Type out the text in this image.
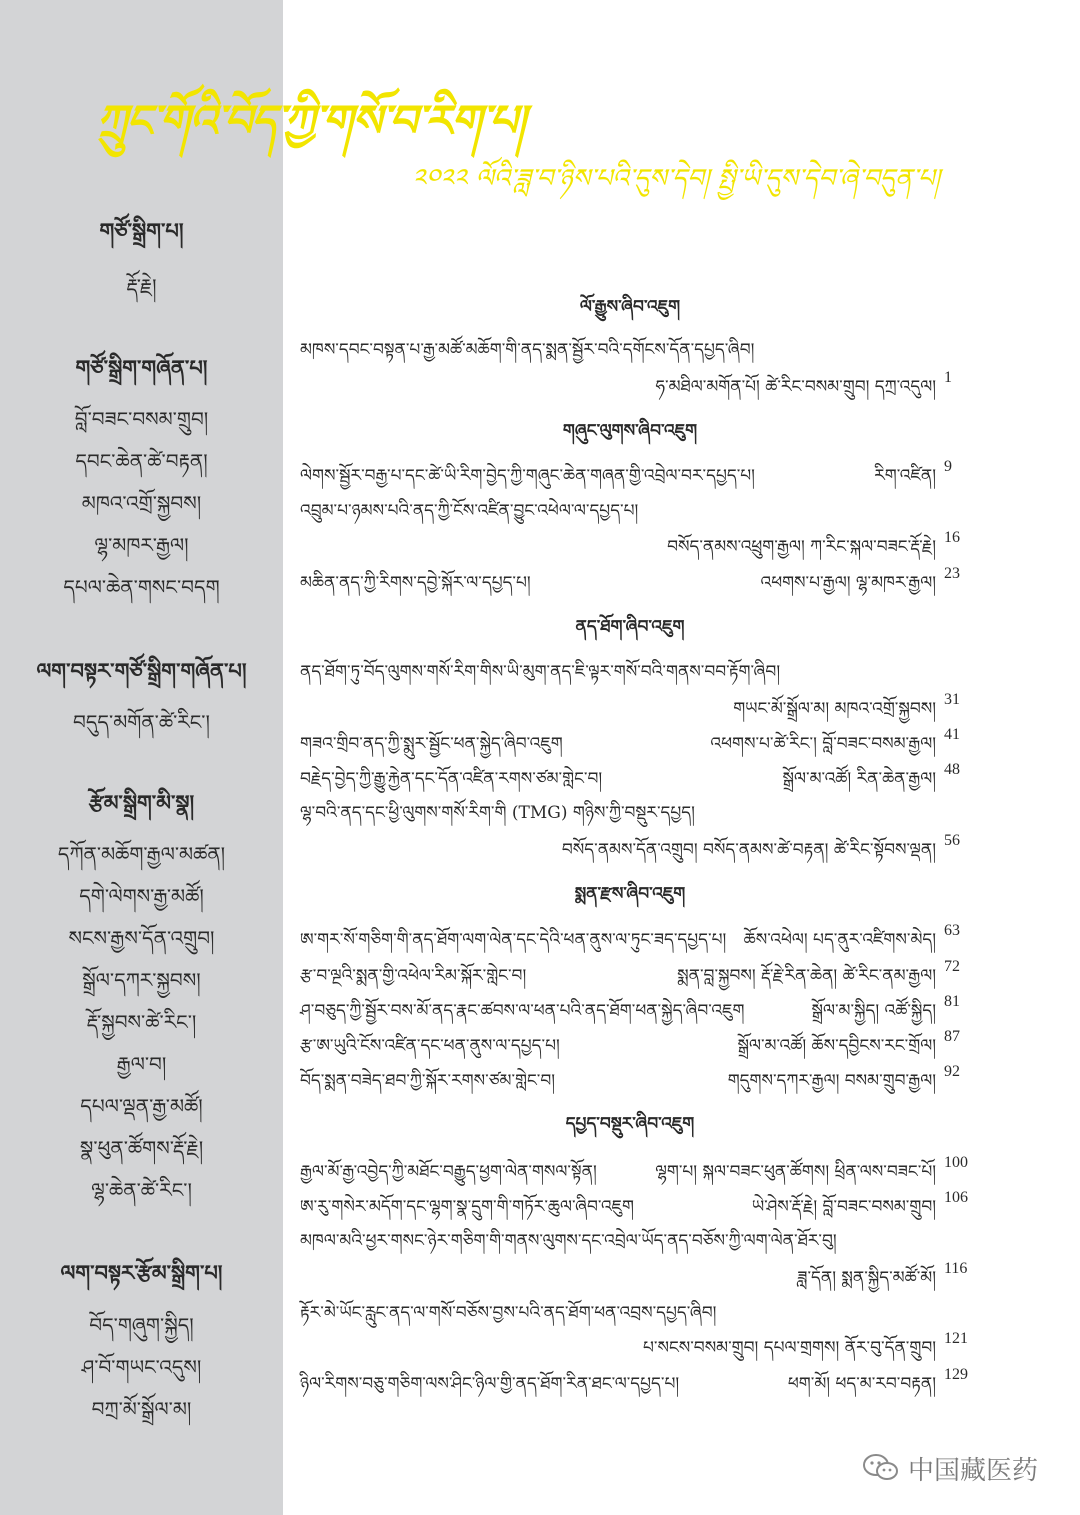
གཙོ་སྒྲིག་པ།
རྡོ་རྗེ།
གཙོ་སྒྲིག་གཞོན་པ།
བློ་བཟང་བསམ་གྲུབ།
དབང་ཆེན་ཚེ་བརྟན།
མཁའ་འགྲོ་སྐྱབས།
ལྷ་མཁར་རྒྱལ།
དཔལ་ཆེན་གསང་བདག
ལག་བསྟར་གཙོ་སྒྲིག་གཞོན་པ།
བདུད་མགོན་ཚེ་རིང་།
རྩོམ་སྒྲིག་མི་སྣ།
དཀོན་མཆོག་རྒྱལ་མཚན།
དགེ་ལེགས་རྒྱ་མཚོ།
སངས་རྒྱས་དོན་འགྲུབ།
སྒྲོལ་དཀར་སྐྱབས།
རྡོ་སྐྱབས་ཚེ་རིང་།
རྒྱལ་བ།
དཔལ་ལྡན་རྒྱ་མཚོ།
སྣ་ཕུན་ཚོགས་རྡོ་རྗེ།
ལྷ་ཆེན་ཚེ་རིང་།
ལག་བསྟར་རྩོམ་སྒྲིག་པ།
བོད་གཞུག་སྐྱིད།
ཤ་བོ་གཡང་འདུས།
བཀྲ་མོ་སྒྲོལ་མ།
ཀྲུང་གོའི་བོད་ཀྱི་གསོ་བ་རིག་པ།
༢༠༢༢ ལོའི་ཟླ་བ་ཉིས་པའི་དུས་དེབ། སྤྱི་ཡི་དུས་དེབ་ཞེ་བདུན་པ།
ལོ་རྒྱུས་ཞིབ་འཇུག
མཁས་དབང་བསྟན་པ་རྒྱ་མཚོ་མཆོག་གི་ནད་སྨན་སྦྱོར་བའི་དགོངས་དོན་དཔྱད་ཞིབ།
ཧ་མཐིལ་མགོན་པོ། ཚེ་རིང་བསམ་གྲུབ། དཀྲ་འདུལ། 1
གཞུང་ལུགས་ཞིབ་འཇུག
ལེགས་སྦྱོར་བརྒྱ་པ་དང་ཚེ་ཡི་རིག་བྱེད་ཀྱི་གཞུང་ཆེན་གཞན་གྱི་འབྲེལ་བར་དཔྱད་པ།	རིག་འཛིན། 9
འབྲུམ་པ་ཉམས་པའི་ནད་ཀྱི་ངོས་འཛིན་བྱུང་འཕེལ་ལ་དཔྱད་པ།
བསོད་ནམས་འཕྲུག་རྒྱལ། ཀ་རིང་སྐལ་བཟང་རྡོ་རྗེ། 16
མཆིན་ནད་ཀྱི་རིགས་དབྱེ་སྐོར་ལ་དཔྱད་པ།	འཕགས་པ་རྒྱལ། ལྷ་མཁར་རྒྱལ། 23
ནད་ཐོག་ཞིབ་འཇུག
ནད་ཐོག་ཏུ་བོད་ལུགས་གསོ་རིག་གིས་ཡི་མུག་ནད་ཇི་ལྟར་གསོ་བའི་གནས་བབ་རྟོག་ཞིབ།
གཡང་མོ་སྒྲོལ་མ། མཁའ་འགྲོ་སྐྱབས། 31
གཟའ་གྲིབ་ནད་ཀྱི་སྨུར་སྦྱོང་ཕན་སྐྱེད་ཞིབ་འཇུག	འཕགས་པ་ཚེ་རིང་། བློ་བཟང་བསམ་རྒྱལ། 41
བརྗེད་བྱེད་ཀྱི་རྒྱུ་རྐྱེན་དང་དོན་འཛིན་རགས་ཙམ་གླེང་བ།	སྒྲོལ་མ་འཚོ། རིན་ཆེན་རྒྱལ། 48
ལྷ་བའི་ནད་དང་ཕྱི་ལུགས་གསོ་རིག་གི (TMG) གཉིས་ཀྱི་བསྡུར་དཔྱད།
བསོད་ནམས་དོན་འགྲུབ། བསོད་ནམས་ཚེ་བརྟན། ཚེ་རིང་སྟོབས་ལྡན། 56
སྨན་རྫས་ཞིབ་འཇུག
ཨ་གར་སོ་གཅིག་གི་ནད་ཐོག་ལག་ལེན་དང་དེའི་ཕན་ནུས་ལ་ཏུང་ཟད་དཔྱད་པ། ཆོས་འཕེལ། པད་ནུར་འཛིགས་མེད། 63
རྩ་བ་ལྔའི་སྨན་གྱི་འཕེལ་རིམ་སྐོར་གླེང་བ།	སྨན་བླ་སྐྱབས། རྡོ་རྗེ་རིན་ཆེན། ཚེ་རིང་ནམ་རྒྱལ། 72
ཤ་བཅུད་ཀྱི་སྦྱོར་བས་མོ་ནད་རྣང་ཚབས་ལ་ཕན་པའི་ནད་ཐོག་ཕན་སྐྱེད་ཞིབ་འཇུག	སྒྲོལ་མ་སྐྱིད། འཚོ་སྐྱིད། 81
རྩ་ཨ་ཡུའི་ངོས་འཛིན་དང་ཕན་ནུས་ལ་དཔྱད་པ།	སྒྲོལ་མ་འཚོ། ཆོས་དབྱིངས་རང་གྲོལ། 87
བོད་སྨན་བཟེད་ཐབ་ཀྱི་སྐོར་རགས་ཙམ་གླེང་བ།	གདུགས་དཀར་རྒྱལ། བསམ་གྲུབ་རྒྱལ། 92
དཔྱད་བསྡུར་ཞིབ་འཇུག
རྒྱལ་མོ་རྒྱ་འབྱེད་ཀྱི་མཐོང་བརྒྱུད་ཕྱག་ལེན་གསལ་སྟོན།	ལྷག་པ། སྐལ་བཟང་ཕུན་ཚོགས། ཕྲིན་ལས་བཟང་པོ། 100
ཨ་རུ་གསེར་མདོག་དང་ལྷག་སྣ་དྲུག་གི་གཏོར་ཆུལ་ཞིབ་འཇུག	ཡེ་ཤེས་རྡོ་རྗེ། བློ་བཟང་བསམ་གྲུབ། 106
མཁལ་མའི་ཕྱར་གསང་ཉེར་གཅིག་གི་གནས་ལུགས་དང་འབྲེལ་ཡོད་ནད་བཅོས་ཀྱི་ལག་ལེན་ཐོར་བུ།
ཟླ་དོན། སྨན་སྐྱིད་མཚོ་མོ། 116
རྟོར་མེ་ཡོང་རླུང་ནད་ལ་གསོ་བཅོས་བྱས་པའི་ནད་ཐོག་ཕན་འབྲས་དཔྱད་ཞིབ།
པ་སངས་བསམ་གྲུབ། དཔལ་གྲགས། ནོར་བུ་དོན་གྲུབ། 121
ཉིལ་རིགས་བཅུ་གཅིག་ལས་ཤིང་ཉིལ་གྱི་ནད་ཐོག་རིན་ཐང་ལ་དཔྱད་པ།	ཕག་མོ། ཕད་མ་རབ་བརྟན། 129
中国藏医药
